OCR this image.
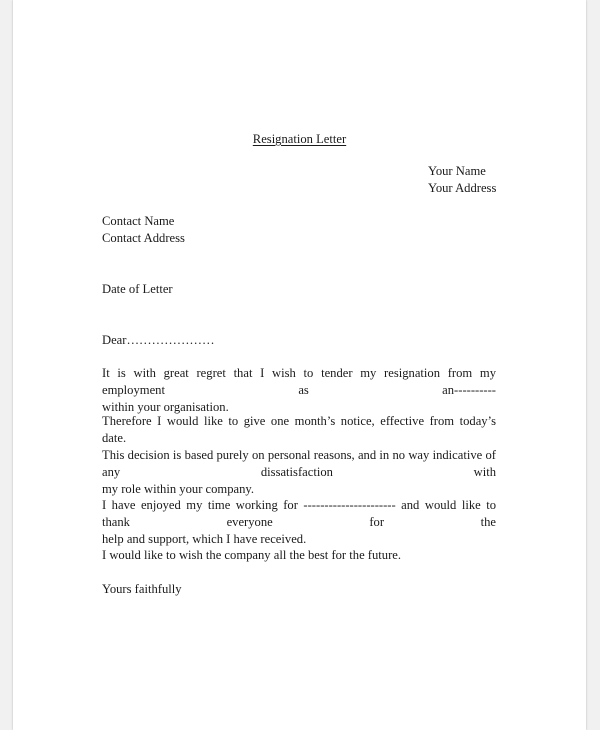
Resignation Letter
Your Name
Your Address
Contact Name
Contact Address
Date of Letter
Dear…………………
It is with great regret that I wish to tender my resignation from my employment as an----------
within your organisation.
Therefore I would like to give one month’s notice, effective from today’s date.
This decision is based purely on personal reasons, and in no way indicative of any dissatisfaction with
my role within your company.
I have enjoyed my time working for ---------------------- and would like to thank everyone for the
help and support, which I have received.
I would like to wish the company all the best for the future.
Yours faithfully
